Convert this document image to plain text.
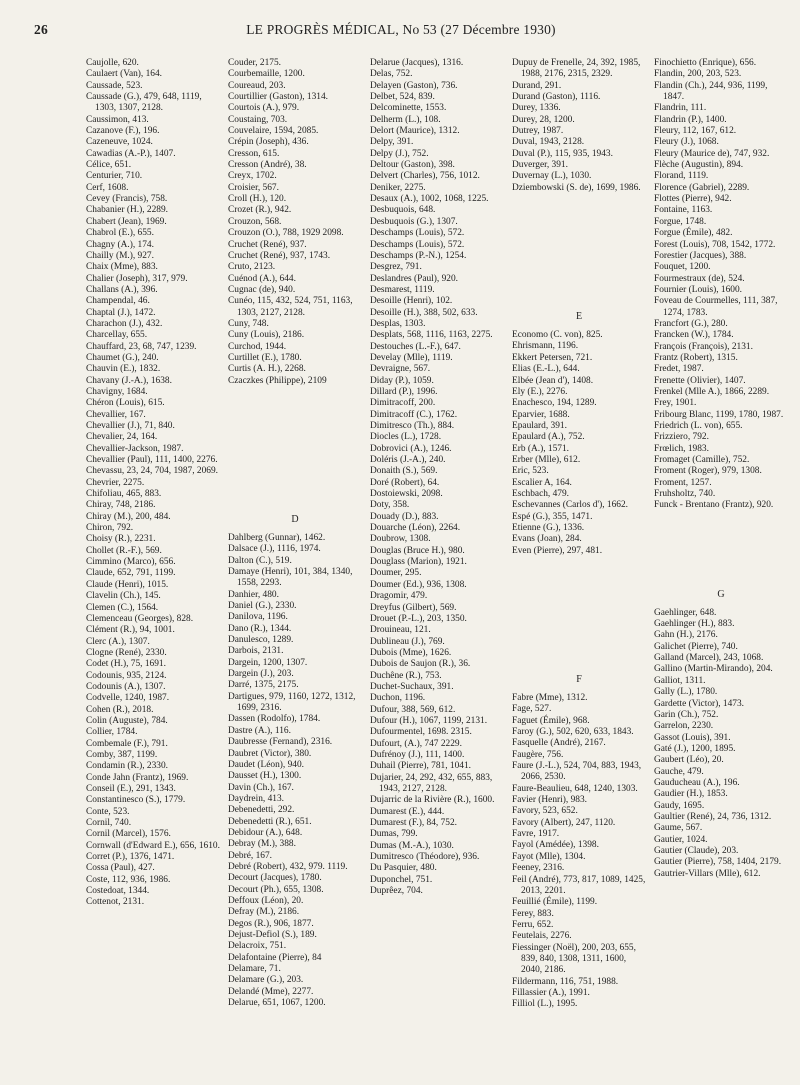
26	LE PROGRÈS MÉDICAL, No 53 (27 Décembre 1930)
Caujolle, 620.
Caulaert (Van), 164.
Caussade, 523.
Caussade (G.), 479, 648, 1119, 1303, 1307, 2128.
Caussimon, 413.
Cazanove (F.), 196.
Cazeneuve, 1024.
Cawadias (A.-P.), 1407.
Célice, 651.
Centurier, 710.
Cerf, 1608.
Cevey (Francis), 758.
Chabanier (H.), 2289.
Chabert (Jean), 1969.
Chabrol (E.), 655.
Chagny (A.), 174.
Chailly (M.), 927.
Chaix (Mme), 883.
Chalier (Joseph), 317, 979.
Challans (A.), 396.
Champendal, 46.
Chaptal (J.), 1472.
Charachon (J.), 432.
Charcellay, 655.
Chauffard, 23, 68, 747, 1239.
Chaumet (G.), 240.
Chauvin (E.), 1832.
Chavany (J.-A.), 1638.
Chavigny, 1684.
Chéron (Louis), 615.
Chevallier, 167.
Chevallier (J.), 71, 840.
Chevalier, 24, 164.
Chevallier-Jackson, 1987.
Chevallier (Paul), 111, 1400, 2276.
Chevassu, 23, 24, 704, 1987, 2069.
Chevrier, 2275.
Chifoliau, 465, 883.
Chiray, 748, 2186.
Chiray (M.), 200, 484.
Chiron, 792.
Choisy (R.), 2231.
Chollet (R.-F.), 569.
Cimmino (Marco), 656.
Claude, 652, 791, 1199.
Claude (Henri), 1015.
Clavelin (Ch.), 145.
Clemen (C.), 1564.
Clemenceau (Georges), 828.
Clément (R.), 94, 1001.
Clerc (A.), 1307.
Clogne (René), 2330.
Codet (H.), 75, 1691.
Codounis, 935, 2124.
Codounis (A.), 1307.
Codvelle, 1240, 1987.
Cohen (R.), 2018.
Colin (Auguste), 784.
Collier, 1784.
Combemale (F.), 791.
Comby, 387, 1199.
Condamin (R.), 2330.
Conde Jahn (Frantz), 1969.
Conseil (E.), 291, 1343.
Constantinesco (S.), 1779.
Conte, 523.
Cornil, 740.
Cornil (Marcel), 1576.
Cornwall (d'Edward E.), 656, 1610.
Corret (P.), 1376, 1471.
Cossa (Paul), 427.
Coste, 112, 936, 1986.
Costedoat, 1344.
Cottenot, 2131.
Couder, 2175.
Courbemaille, 1200.
Coureaud, 203.
Courtillier (Gaston), 1314.
Courtois (A.), 979.
Coustaing, 703.
Couvelaire, 1594, 2085.
Crépin (Joseph), 436.
Cresson, 615.
Cresson (André), 38.
Creyx, 1702.
Croisier, 567.
Croll (H.), 120.
Crozet (R.), 942.
Crouzon, 568.
Crouzon (O.), 788, 1929 2098.
Cruchet (René), 937.
Cruchet (René), 937, 1743.
Cruto, 2123.
Cuénod (A.), 644.
Cugnac (de), 940.
Cunéo, 115, 432, 524, 751, 1163, 1303, 2127, 2128.
Cuny, 748.
Cuny (Louis), 2186.
Curchod, 1944.
Curtillet (E.), 1780.
Curtis (A. H.), 2268.
Czaczkes (Philippe), 2109
D
Dahlberg (Gunnar), 1462.
Dalsace (J.), 1116, 1974.
Dalton (C.), 519.
Damaye (Henri), 101, 384, 1340, 1558, 2293.
Danhier, 480.
Daniel (G.), 2330.
Danilova, 1196.
Dano (R.), 1344.
Danulesco, 1289.
Darbois, 2131.
Dargein, 1200, 1307.
Dargein (J.), 203.
Darré, 1375, 2175.
Dartigues, 979, 1160, 1272, 1312, 1699, 2316.
Dassen (Rodolfo), 1784.
Dastre (A.), 116.
Daubresse (Fernand), 2316.
Daubret (Victor), 380.
Daudet (Léon), 940.
Dausset (H.), 1300.
Davin (Ch.), 167.
Daydrein, 413.
Debenedetti, 292.
Debenedetti (R.), 651.
Debidour (A.), 648.
Debray (M.), 388.
Debré, 167.
Debré (Robert), 432, 979. 1119.
Decourt (Jacques), 1780.
Decourt (Ph.), 655, 1308.
Deffoux (Léon), 20.
Defray (M.), 2186.
Degos (R.), 906, 1877.
Dejust-Defiol (S.), 189.
Delacroix, 751.
Delafontaine (Pierre), 84
Delamare, 71.
Delamare (G.), 203.
Delandé (Mme), 2277.
Delarue, 651, 1067, 1200.
Delarue (Jacques), 1316.
Delas, 752.
Delayen (Gaston), 736.
Delbet, 524, 839.
Delcominette, 1553.
Delherm (L.), 108.
Delort (Maurice), 1312.
Delpy, 391.
Delpy (J.), 752.
Deltour (Gaston), 398.
Delvert (Charles), 756, 1012.
Deniker, 2275.
Desaux (A.), 1002, 1068, 1225.
Desbuquois, 648.
Desbuquois (G.), 1307.
Deschamps (Louis), 572.
Deschamps (Louis), 572.
Deschamps (P.-N.), 1254.
Desgrez, 791.
Deslandres (Paul), 920.
Desmarest, 1119.
Desoille (Henri), 102.
Desoille (H.), 388, 502, 633.
Desplas, 1303.
Desplats, 568, 1116, 1163, 2275.
Destouches (L.-F.), 647.
Develay (Mlle), 1119.
Devraigne, 567.
Diday (P.), 1059.
Dillard (P.), 1996.
Dimitracoff, 200.
Dimitracoff (C.), 1762.
Dimitresco (Th.), 884.
Diocles (L.), 1728.
Dobrovici (A.), 1246.
Doléris (J.-A.), 240.
Donaith (S.), 569.
Doré (Robert), 64.
Dostoiewski, 2098.
Doty, 358.
Douady (D.), 883.
Douarche (Léon), 2264.
Doubrow, 1308.
Douglas (Bruce H.), 980.
Douglass (Marion), 1921.
Doumer, 295.
Doumer (Ed.), 936, 1308.
Dragomir, 479.
Dreyfus (Gilbert), 569.
Drouet (P.-L.), 203, 1350.
Drouineau, 121.
Dublineau (J.), 769.
Dubois (Mme), 1626.
Dubois de Saujon (R.), 36.
Duchêne (R.), 753.
Duchet-Suchaux, 391.
Duchon, 1196.
Dufour, 388, 569, 612.
Dufour (H.), 1067, 1199, 2131.
Dufourmentel, 1698. 2315.
Dufourt, (A.), 747 2229.
Dufrénoy (J.), 111, 1400.
Duhail (Pierre), 781, 1041.
Dujarier, 24, 292, 432, 655, 883, 1943, 2127, 2128.
Dujarric de la Rivière (R.), 1600.
Dumarest (E.), 444.
Dumarest (F.), 84, 752.
Dumas, 799.
Dumas (M.-A.), 1030.
Dumitresco (Théodore), 936.
Du Pasquier, 480.
Duponchel, 751.
Duprêez, 704.
Dupuy de Frenelle, 24, 392, 1985, 1988, 2176, 2315, 2329.
Durand, 291.
Durand (Gaston), 1116.
Durey, 1336.
Durey, 28, 1200.
Dutrey, 1987.
Duval, 1943, 2128.
Duval (P.), 115, 935, 1943.
Duverger, 391.
Duvernay (L.), 1030.
Dziembowski (S. de), 1699, 1986.
E
Economo (C. von), 825.
Ehrismann, 1196.
Ekkert Petersen, 721.
Elias (E.-L.), 644.
Elbée (Jean d'), 1408.
Ely (E.), 2276.
Enachesco, 194, 1289.
Eparvier, 1688.
Epaulard, 391.
Epaulard (A.), 752.
Erb (A.), 1571.
Erber (Mlle), 612.
Eric, 523.
Escalier A, 164.
Eschbach, 479.
Eschevannes (Carlos d'), 1662.
Espé (G.), 355, 1471.
Etienne (G.), 1336.
Evans (Joan), 284.
Even (Pierre), 297, 481.
F
Fabre (Mme), 1312.
Fage, 527.
Faguet (Émile), 968.
Faroy (G.), 502, 620, 633, 1843.
Fasquelle (André), 2167.
Faugère, 756.
Faure (J.-L.), 524, 704, 883, 1943, 2066, 2530.
Faure-Beaulieu, 648, 1240, 1303.
Favier (Henri), 983.
Favory, 523, 652.
Favory (Albert), 247, 1120.
Favre, 1917.
Fayol (Amédée), 1398.
Fayot (Mlle), 1304.
Feeney, 2316.
Feil (André), 773, 817, 1089, 1425, 2013, 2201.
Feuillié (Émile), 1199.
Ferey, 883.
Ferru, 652.
Feutelais, 2276.
Fiessinger (Noël), 200, 203, 655, 839, 840, 1308, 1311, 1600, 2040, 2186.
Fildermann, 116, 751, 1988.
Fillassier (A.), 1991.
Filliol (L.), 1995.
Finochietto (Enrique), 656.
Flandin, 200, 203, 523.
Flandin (Ch.), 244, 936, 1199, 1847.
Flandrin, 111.
Flandrin (P.), 1400.
Fleury, 112, 167, 612.
Fleury (J.), 1068.
Fleury (Maurice de), 747, 932.
Flèche (Augustin), 894.
Florand, 1119.
Florence (Gabriel), 2289.
Flottes (Pierre), 942.
Fontaine, 1163.
Forgue, 1748.
Forgue (Émile), 482.
Forest (Louis), 708, 1542, 1772.
Forestier (Jacques), 388.
Fouquet, 1200.
Fourmestraux (de), 524.
Fournier (Louis), 1600.
Foveau de Courmelles, 111, 387, 1274, 1783.
Francfort (G.), 280.
Francken (W.), 1784.
François (François), 2131.
Frantz (Robert), 1315.
Fredet, 1987.
Frenette (Olivier), 1407.
Frenkel (Mlle A.), 1866, 2289.
Frey, 1901.
Fribourg Blanc, 1199, 1780, 1987.
Friedrich (L. von), 655.
Frizziero, 792.
Frœlich, 1983.
Fromaget (Camille), 752.
Froment (Roger), 979, 1308.
Froment, 1257.
Fruhsholtz, 740.
Funck - Brentano (Frantz), 920.
G
Gaehlinger, 648.
Gaehlinger (H.), 883.
Gahn (H.), 2176.
Galichet (Pierre), 740.
Galland (Marcel), 243, 1068.
Gallino (Martin-Mirando), 204.
Galliot, 1311.
Gally (L.), 1780.
Gardette (Victor), 1473.
Garin (Ch.), 752.
Garrelon, 2230.
Gassot (Louis), 391.
Gaté (J.), 1200, 1895.
Gaubert (Léo), 20.
Gauche, 479.
Gauducheau (A.), 196.
Gaudier (H.), 1853.
Gaudy, 1695.
Gaultier (René), 24, 736, 1312.
Gaume, 567.
Gautier, 1024.
Gautier (Claude), 203.
Gautier (Pierre), 758, 1404, 2179.
Gautrier-Villars (Mlle), 612.
